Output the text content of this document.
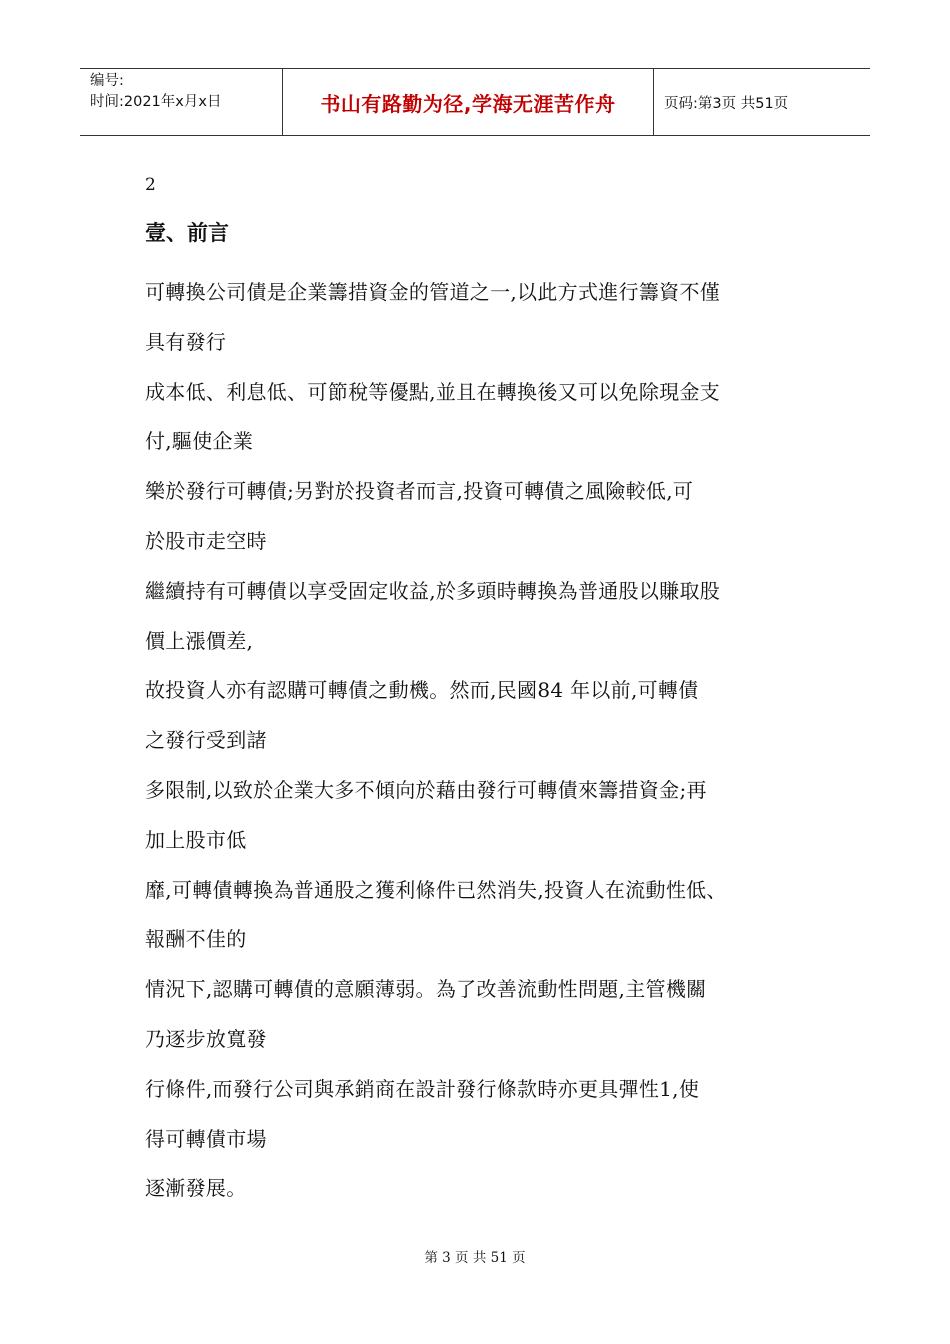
编号:
时间:2021年x月x日	书山有路勤为径,学海无涯苦作舟	页码:第3页 共51页
2
壹、前言
可轉換公司債是企業籌措資金的管道之一,以此方式進行籌資不僅
具有發行
成本低、利息低、可節稅等優點,並且在轉換後又可以免除現金支
付,驅使企業
樂於發行可轉債;另對於投資者而言,投資可轉債之風險較低,可
於股市走空時
繼續持有可轉債以享受固定收益,於多頭時轉換為普通股以賺取股
價上漲價差,
故投資人亦有認購可轉債之動機。然而,民國84 年以前,可轉債
之發行受到諸
多限制,以致於企業大多不傾向於藉由發行可轉債來籌措資金;再
加上股市低
靡,可轉債轉換為普通股之獲利條件已然消失,投資人在流動性低、
報酬不佳的
情況下,認購可轉債的意願薄弱。為了改善流動性問題,主管機關
乃逐步放寬發
行條件,而發行公司與承銷商在設計發行條款時亦更具彈性1,使
得可轉債市場
逐漸發展。
第 3 页 共 51 页
